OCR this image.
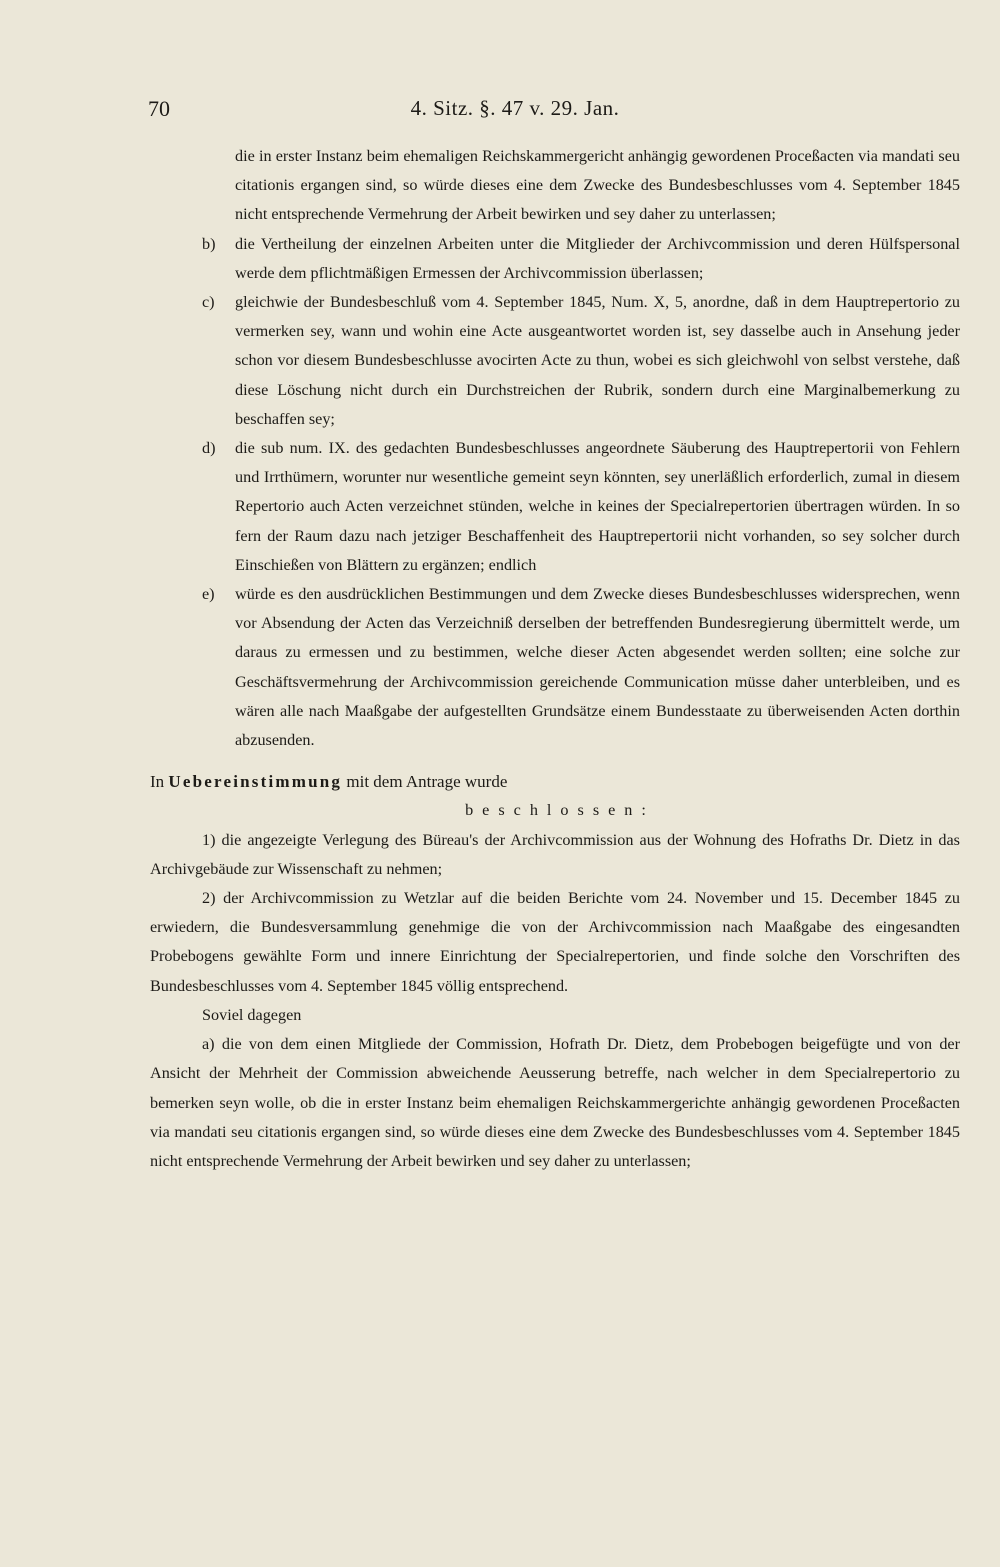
70	4. Sitz. §. 47 v. 29. Jan.

die in erster Instanz beim ehemaligen Reichskammergericht anhängig gewordenen Proceßacten via mandati seu citationis ergangen sind, so würde dieses eine dem Zwecke des Bundesbeschlusses vom 4. September 1845 nicht entsprechende Vermehrung der Arbeit bewirken und sey daher zu unterlassen;

b) die Vertheilung der einzelnen Arbeiten unter die Mitglieder der Archivcommission und deren Hülfspersonal werde dem pflichtmäßigen Ermessen der Archivcommission überlassen;

c) gleichwie der Bundesbeschluß vom 4. September 1845, Num. X, 5, anordne, daß in dem Hauptrepertorio zu vermerken sey, wann und wohin eine Acte ausgeantwortet worden ist, sey dasselbe auch in Ansehung jeder schon vor diesem Bundesbeschlusse avocirten Acte zu thun, wobei es sich gleichwohl von selbst verstehe, daß diese Löschung nicht durch ein Durchstreichen der Rubrik, sondern durch eine Marginalbemerkung zu beschaffen sey;

d) die sub num. IX. des gedachten Bundesbeschlusses angeordnete Säuberung des Hauptrepertorii von Fehlern und Irrthümern, worunter nur wesentliche gemeint seyn könnten, sey unerläßlich erforderlich, zumal in diesem Repertorio auch Acten verzeichnet stünden, welche in keines der Specialrepertorien übertragen würden. In so fern der Raum dazu nach jetziger Beschaffenheit des Hauptrepertorii nicht vorhanden, so sey solcher durch Einschießen von Blättern zu ergänzen; endlich

e) würde es den ausdrücklichen Bestimmungen und dem Zwecke dieses Bundesbeschlusses widersprechen, wenn vor Absendung der Acten das Verzeichniß derselben der betreffenden Bundesregierung übermittelt werde, um daraus zu ermessen und zu bestimmen, welche dieser Acten abgesendet werden sollten; eine solche zur Geschäftsvermehrung der Archivcommission gereichende Communication müsse daher unterbleiben, und es wären alle nach Maaßgabe der aufgestellten Grundsätze einem Bundesstaate zu überweisenden Acten dorthin abzusenden.

In Uebereinstimmung mit dem Antrage wurde

beschlossen:

1) die angezeigte Verlegung des Büreau's der Archivcommission aus der Wohnung des Hofraths Dr. Dietz in das Archivgebäude zur Wissenschaft zu nehmen;

2) der Archivcommission zu Wetzlar auf die beiden Berichte vom 24. November und 15. December 1845 zu erwiedern, die Bundesversammlung genehmige die von der Archivcommission nach Maaßgabe des eingesandten Probebogens gewählte Form und innere Einrichtung der Specialrepertorien, und finde solche den Vorschriften des Bundesbeschlusses vom 4. September 1845 völlig entsprechend.

Soviel dagegen

a) die von dem einen Mitgliede der Commission, Hofrath Dr. Dietz, dem Probebogen beigefügte und von der Ansicht der Mehrheit der Commission abweichende Aeusserung betreffe, nach welcher in dem Specialrepertorio zu bemerken seyn wolle, ob die in erster Instanz beim ehemaligen Reichskammergerichte anhängig gewordenen Proceßacten via mandati seu citationis ergangen sind, so würde dieses eine dem Zwecke des Bundesbeschlusses vom 4. September 1845 nicht entsprechende Vermehrung der Arbeit bewirken und sey daher zu unterlassen;
